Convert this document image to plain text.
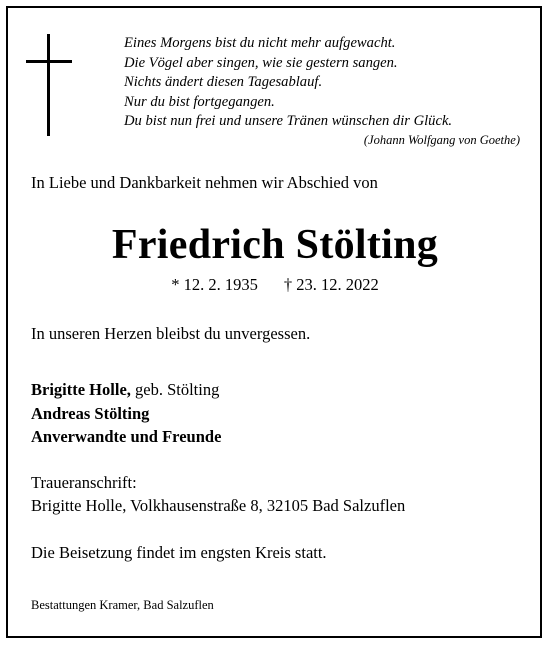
Eines Morgens bist du nicht mehr aufgewacht.
Die Vögel aber singen, wie sie gestern sangen.
Nichts ändert diesen Tagesablauf.
Nur du bist fortgegangen.
Du bist nun frei und unsere Tränen wünschen dir Glück.
(Johann Wolfgang von Goethe)
In Liebe und Dankbarkeit nehmen wir Abschied von
Friedrich Stölting
* 12. 2. 1935 † 23. 12. 2022
In unseren Herzen bleibst du unvergessen.
Brigitte Holle, geb. Stölting
Andreas Stölting
Anverwandte und Freunde
Traueranschrift:
Brigitte Holle, Volkhausenstraße 8, 32105 Bad Salzuflen
Die Beisetzung findet im engsten Kreis statt.
Bestattungen Kramer, Bad Salzuflen
